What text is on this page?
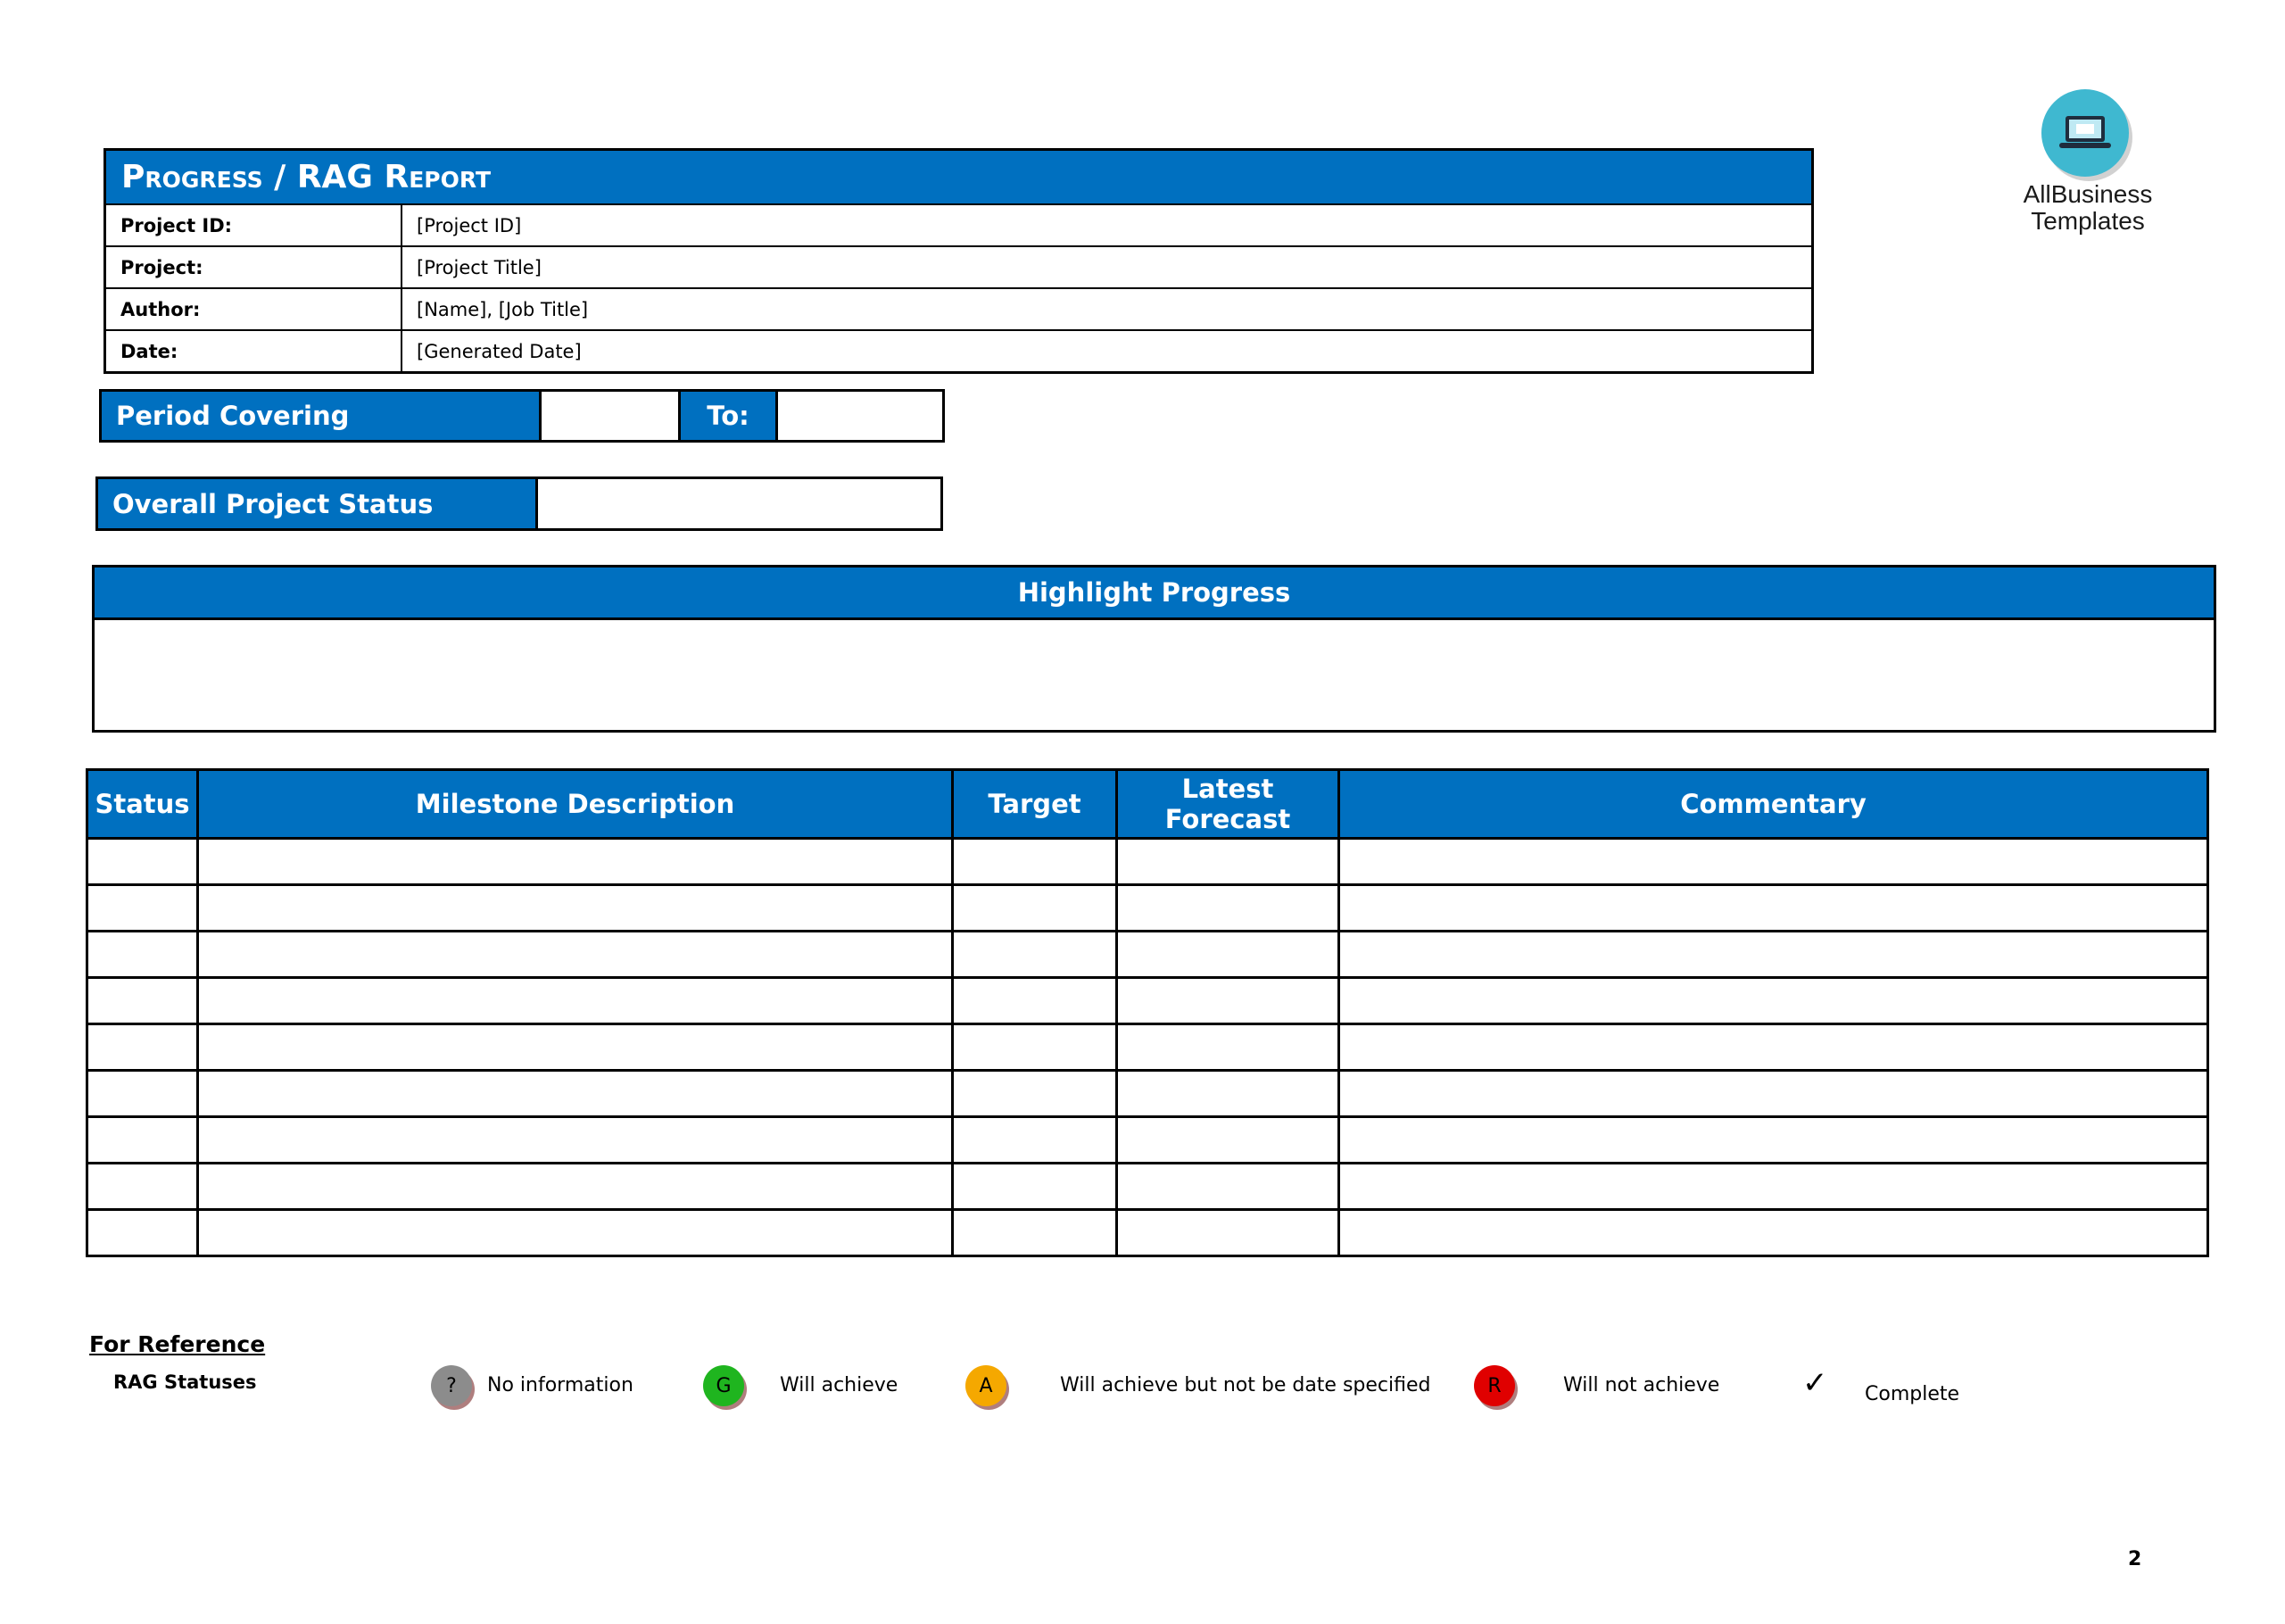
AllBusiness
Templates
Progress / RAG Report
Project ID:	[Project ID]
Project:	[Project Title]
Author:	[Name], [Job Title]
Date:	[Generated Date]
Period Covering	To:
Overall Project Status
Highlight Progress
Status	Milestone Description	Target	Latest Forecast	Commentary

For Reference
RAG Statuses	? No information	G Will achieve	A	Will achieve but not be date specified	R	Will not achieve	✓ Complete
2
